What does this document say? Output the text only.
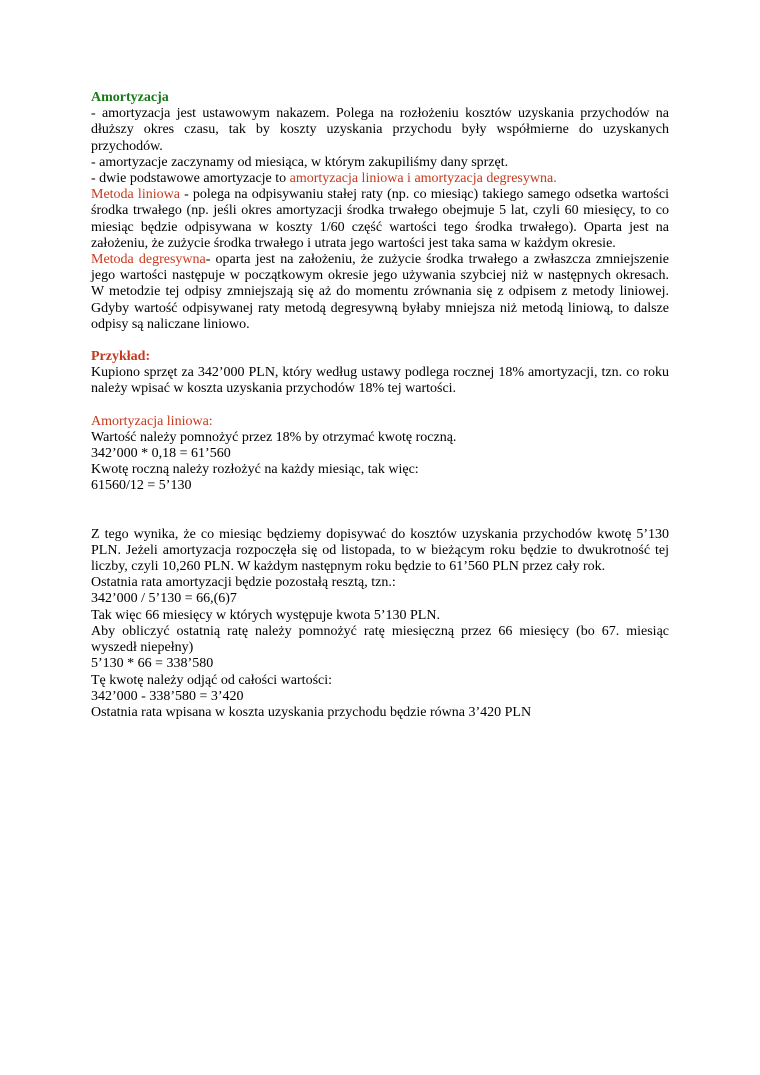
Amortyzacja

- amortyzacja jest ustawowym nakazem. Polega na rozłożeniu kosztów uzyskania przychodów na dłuższy okres czasu, tak by koszty uzyskania przychodu były współmierne do uzyskanych przychodów.

- amortyzacje zaczynamy od miesiąca, w którym zakupiliśmy dany sprzęt.

- dwie podstawowe amortyzacje to amortyzacja liniowa i amortyzacja degresywna.

Metoda liniowa - polega na odpisywaniu stałej raty (np. co miesiąc) takiego samego odsetka wartości środka trwałego (np. jeśli okres amortyzacji środka trwałego obejmuje 5 lat, czyli 60 miesięcy, to co miesiąc będzie odpisywana w koszty 1/60 część wartości tego środka trwałego). Oparta jest na założeniu, że zużycie środka trwałego i utrata jego wartości jest taka sama w każdym okresie.

Metoda degresywna- oparta jest na założeniu, że zużycie środka trwałego a zwłaszcza zmniejszenie jego wartości następuje w początkowym okresie jego używania szybciej niż w następnych okresach. W metodzie tej odpisy zmniejszają się aż do momentu zrównania się z odpisem z metody liniowej. Gdyby wartość odpisywanej raty metodą degresywną byłaby mniejsza niż metodą liniową, to dalsze odpisy są naliczane liniowo.

Przykład:

Kupiono sprzęt za 342’000 PLN, który według ustawy podlega rocznej 18% amortyzacji, tzn. co roku należy wpisać w koszta uzyskania przychodów 18% tej wartości.

Amortyzacja liniowa:

Wartość należy pomnożyć przez 18% by otrzymać kwotę roczną.

342’000 * 0,18 = 61’560

Kwotę roczną należy rozłożyć na każdy miesiąc, tak więc:

61560/12 = 5’130

Z tego wynika, że co miesiąc będziemy dopisywać do kosztów uzyskania przychodów kwotę 5’130 PLN. Jeżeli amortyzacja rozpoczęła się od listopada, to w bieżącym roku będzie to dwukrotność tej liczby, czyli 10,260 PLN. W każdym następnym roku będzie to 61’560 PLN przez cały rok.

Ostatnia rata amortyzacji będzie pozostałą resztą, tzn.:

342’000 / 5’130 = 66,(6)7

Tak więc 66 miesięcy w których występuje kwota 5’130 PLN.

Aby obliczyć ostatnią ratę należy pomnożyć ratę miesięczną przez 66 miesięcy (bo 67. miesiąc wyszedł niepełny)

5’130 * 66 = 338’580

Tę kwotę należy odjąć od całości wartości:

342’000 - 338’580 = 3’420

Ostatnia rata wpisana w koszta uzyskania przychodu będzie równa 3’420 PLN
